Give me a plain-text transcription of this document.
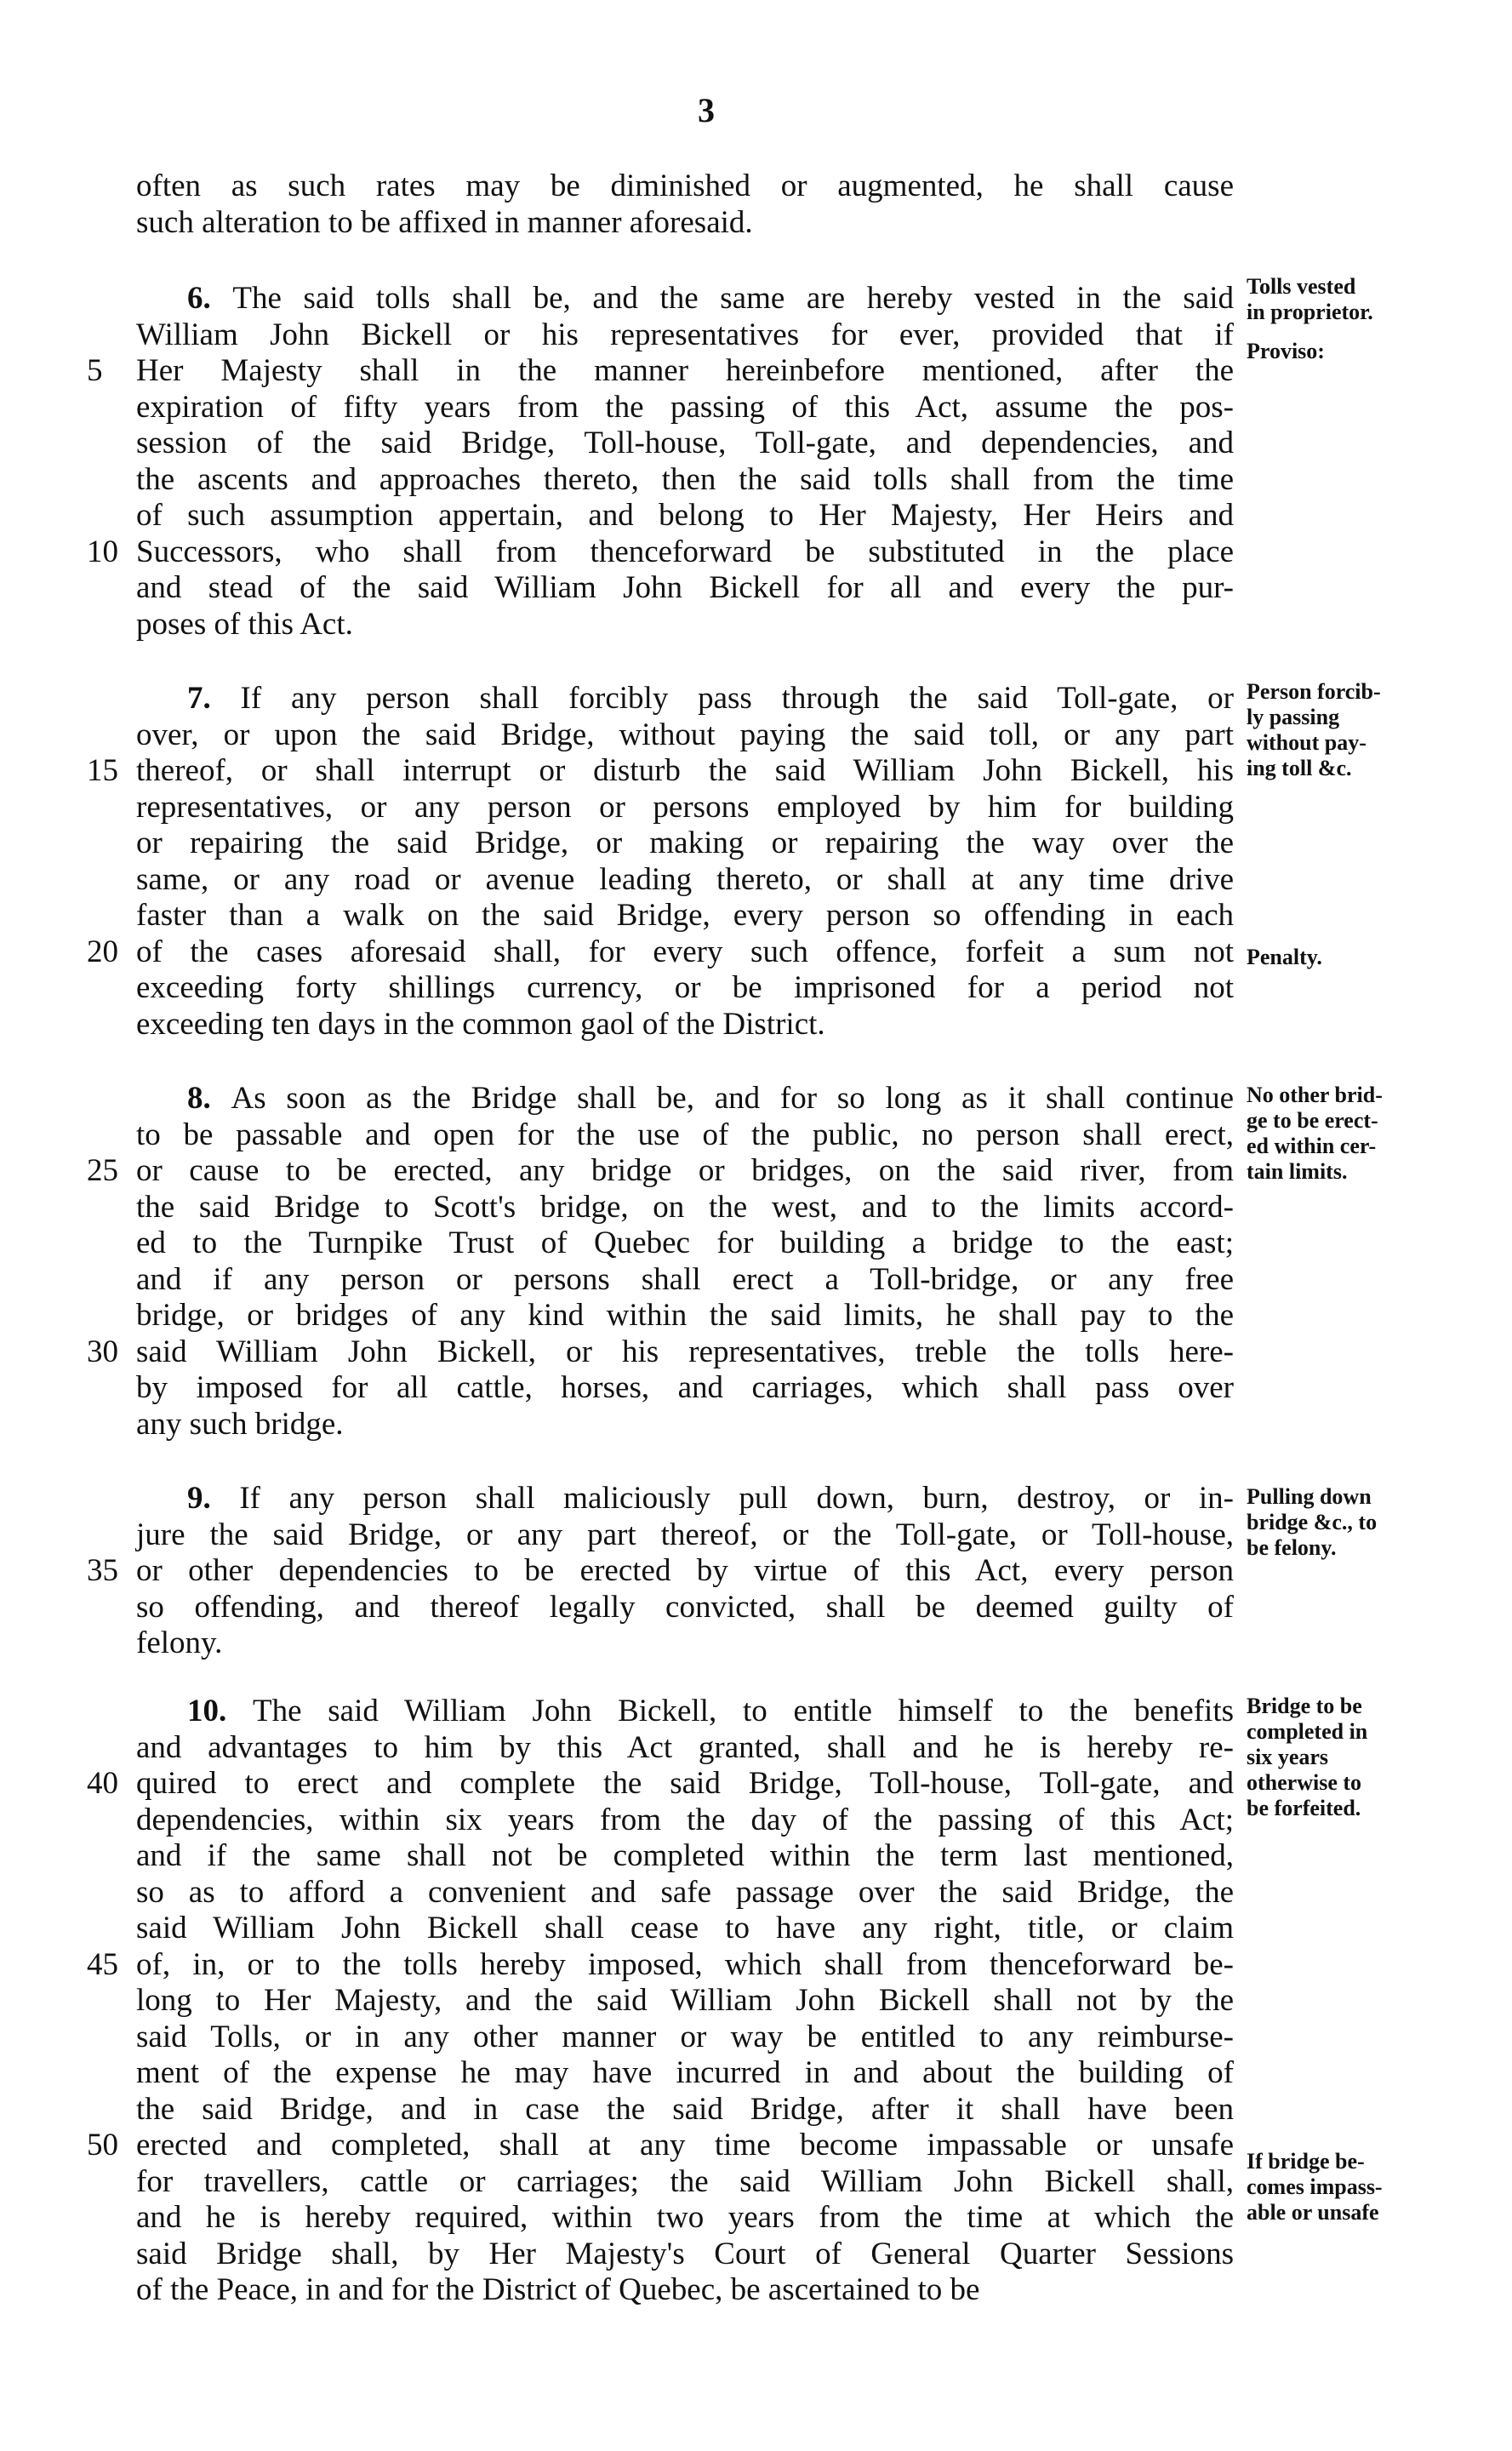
3
often as such rates may be diminished or augmented, he shall cause
such alteration to be affixed in manner aforesaid.
6. The said tolls shall be, and the same are hereby vested in the said
William John Bickell or his representatives for ever, provided that if
Her Majesty shall in the manner hereinbefore mentioned, after the
5
expiration of fifty years from the passing of this Act, assume the pos-
session of the said Bridge, Toll-house, Toll-gate, and dependencies, and
the ascents and approaches thereto, then the said tolls shall from the time
of such assumption appertain, and belong to Her Majesty, Her Heirs and
Successors, who shall from thenceforward be substituted in the place
10
and stead of the said William John Bickell for all and every the pur-
poses of this Act.
7. If any person shall forcibly pass through the said Toll-gate, or
over, or upon the said Bridge, without paying the said toll, or any part
thereof, or shall interrupt or disturb the said William John Bickell, his
15
representatives, or any person or persons employed by him for building
or repairing the said Bridge, or making or repairing the way over the
same, or any road or avenue leading thereto, or shall at any time drive
faster than a walk on the said Bridge, every person so offending in each
of the cases aforesaid shall, for every such offence, forfeit a sum not
20
exceeding forty shillings currency, or be imprisoned for a period not
exceeding ten days in the common gaol of the District.
8. As soon as the Bridge shall be, and for so long as it shall continue
to be passable and open for the use of the public, no person shall erect,
or cause to be erected, any bridge or bridges, on the said river, from
25
the said Bridge to Scott's bridge, on the west, and to the limits accord-
ed to the Turnpike Trust of Quebec for building a bridge to the east;
and if any person or persons shall erect a Toll-bridge, or any free
bridge, or bridges of any kind within the said limits, he shall pay to the
said William John Bickell, or his representatives, treble the tolls here-
30
by imposed for all cattle, horses, and carriages, which shall pass over
any such bridge.
9. If any person shall maliciously pull down, burn, destroy, or in-
jure the said Bridge, or any part thereof, or the Toll-gate, or Toll-house,
or other dependencies to be erected by virtue of this Act, every person
35
so offending, and thereof legally convicted, shall be deemed guilty of
felony.
10. The said William John Bickell, to entitle himself to the benefits
and advantages to him by this Act granted, shall and he is hereby re-
quired to erect and complete the said Bridge, Toll-house, Toll-gate, and
40
dependencies, within six years from the day of the passing of this Act;
and if the same shall not be completed within the term last mentioned,
so as to afford a convenient and safe passage over the said Bridge, the
said William John Bickell shall cease to have any right, title, or claim
of, in, or to the tolls hereby imposed, which shall from thenceforward be-
45
long to Her Majesty, and the said William John Bickell shall not by the
said Tolls, or in any other manner or way be entitled to any reimburse-
ment of the expense he may have incurred in and about the building of
the said Bridge, and in case the said Bridge, after it shall have been
erected and completed, shall at any time become impassable or unsafe
50
for travellers, cattle or carriages; the said William John Bickell shall,
and he is hereby required, within two years from the time at which the
said Bridge shall, by Her Majesty's Court of General Quarter Sessions
of the Peace, in and for the District of Quebec, be ascertained to be
Tolls vested
in proprietor.
Proviso:
Person forcib-
ly passing
without pay-
ing toll &c.
Penalty.
No other brid-
ge to be erect-
ed within cer-
tain limits.
Pulling down
bridge &c., to
be felony.
Bridge to be
completed in
six years
otherwise to
be forfeited.
If bridge be-
comes impass-
able or unsafe
